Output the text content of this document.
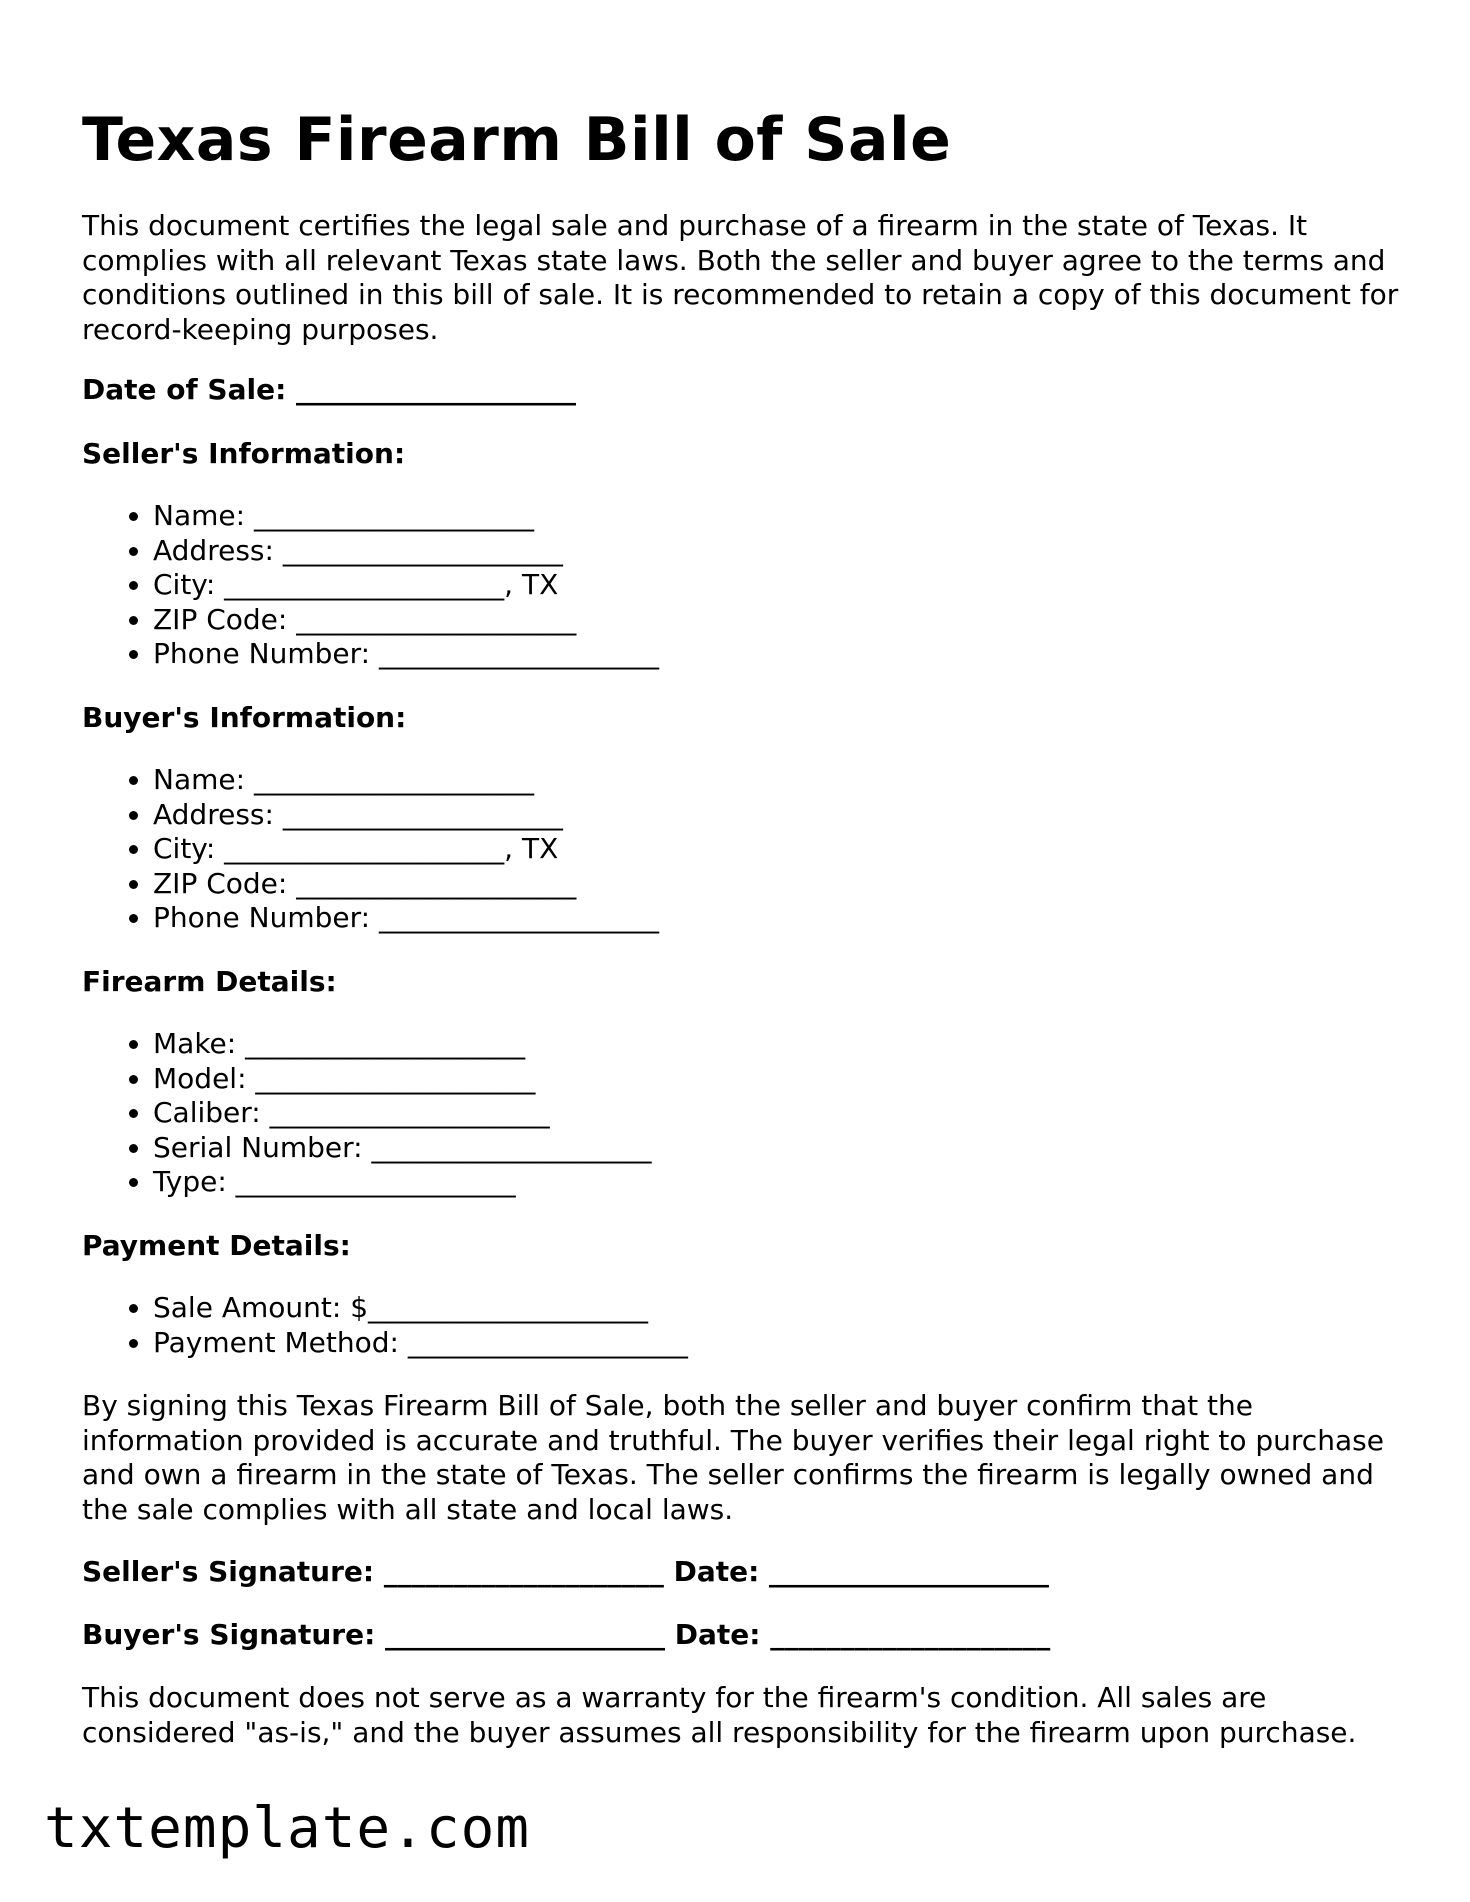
Texas Firearm Bill of Sale

This document certifies the legal sale and purchase of a firearm in the state of Texas. It complies with all relevant Texas state laws. Both the seller and buyer agree to the terms and conditions outlined in this bill of sale. It is recommended to retain a copy of this document for record-keeping purposes.

Date of Sale: ____________________
Seller's Information:
• Name: ____________________
• Address: ____________________
• City: ____________________, TX
• ZIP Code: ____________________
• Phone Number: ____________________
Buyer's Information:
• Name: ____________________
• Address: ____________________
• City: ____________________, TX
• ZIP Code: ____________________
• Phone Number: ____________________
Firearm Details:
• Make: ____________________
• Model: ____________________
• Caliber: ____________________
• Serial Number: ____________________
• Type: ____________________
Payment Details:
• Sale Amount: $____________________
• Payment Method: ____________________

By signing this Texas Firearm Bill of Sale, both the seller and buyer confirm that the information provided is accurate and truthful. The buyer verifies their legal right to purchase and own a firearm in the state of Texas. The seller confirms the firearm is legally owned and the sale complies with all state and local laws.

Seller's Signature: ____________________ Date: ____________________
Buyer's Signature: ____________________ Date: ____________________

This document does not serve as a warranty for the firearm's condition. All sales are considered "as-is," and the buyer assumes all responsibility for the firearm upon purchase.

txtemplate.com
